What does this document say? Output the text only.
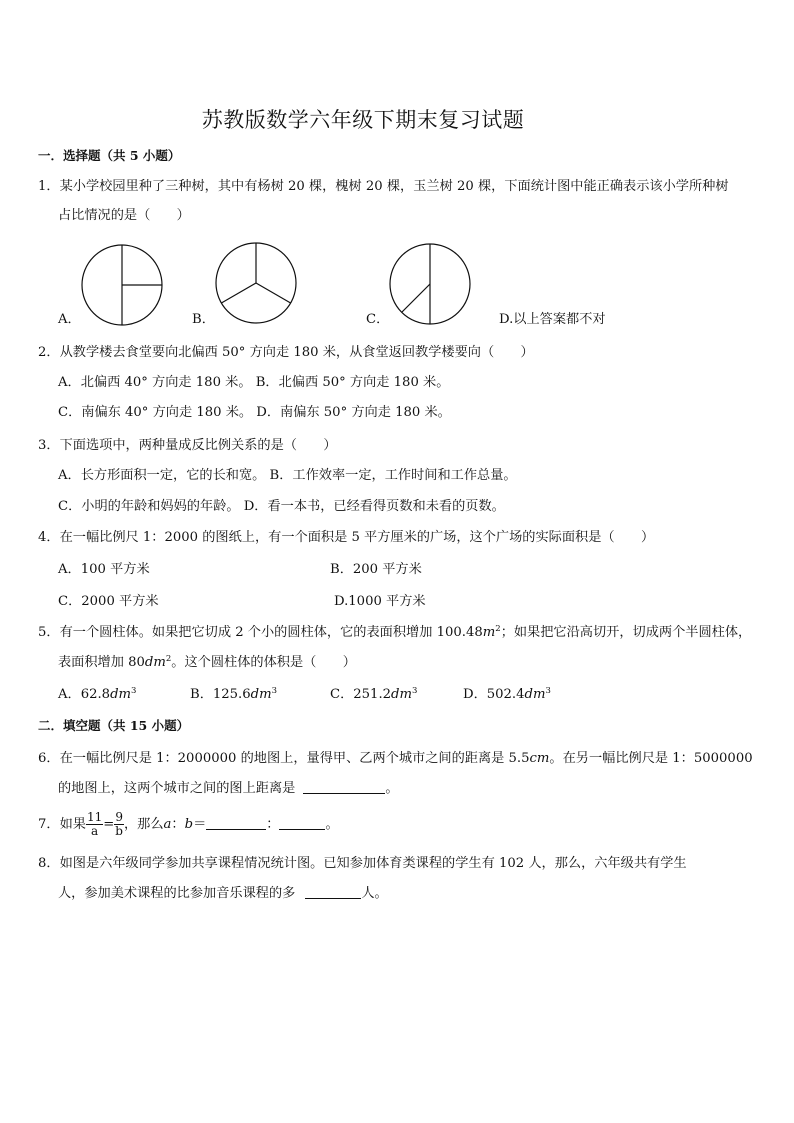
苏教版数学六年级下期末复习试题
一．选择题（共 5 小题）
1．某小学校园里种了三种树，其中有杨树 20 棵，槐树 20 棵，玉兰树 20 棵，下面统计图中能正确表示该小学所种树
占比情况的是（　　）
A．	B．	C．	D.以上答案都不对
2．从教学楼去食堂要向北偏西 50° 方向走 180 米，从食堂返回教学楼要向（　　）
A．北偏西 40° 方向走 180 米。 B．北偏西 50° 方向走 180 米。
C．南偏东 40° 方向走 180 米。 D．南偏东 50° 方向走 180 米。
3．下面选项中，两种量成反比例关系的是（　　）
A．长方形面积一定，它的长和宽。 B．工作效率一定，工作时间和工作总量。
C．小明的年龄和妈妈的年龄。 D．看一本书，已经看得页数和未看的页数。
4．在一幅比例尺 1：2000 的图纸上，有一个面积是 5 平方厘米的广场，这个广场的实际面积是（　　）
A．100 平方米	B．200 平方米
C．2000 平方米	D.1000 平方米
5．有一个圆柱体。如果把它切成 2 个小的圆柱体，它的表面积增加 $100.48m^2$；如果把它沿高切开，切成两个半圆柱体，
表面积增加 $80dm^2$。这个圆柱体的体积是（　　）
A．$62.8dm^3$	B．$125.6dm^3$	C．$251.2dm^3$	D．$502.4dm^3$
二．填空题（共 15 小题）
6．在一幅比例尺是 1：2000000 的地图上，量得甲、乙两个城市之间的距离是 5.5cm。在另一幅比例尺是 1：5000000
的地图上，这两个城市之间的图上距离是	。
7．如果 $\frac{11}{a} = \frac{9}{b}$ ，那么a：b＝	：	。
8．如图是六年级同学参加共享课程情况统计图。已知参加体育类课程的学生有 102 人，那么，六年级共有学生
人，参加美术课程的比参加音乐课程的多	人。
